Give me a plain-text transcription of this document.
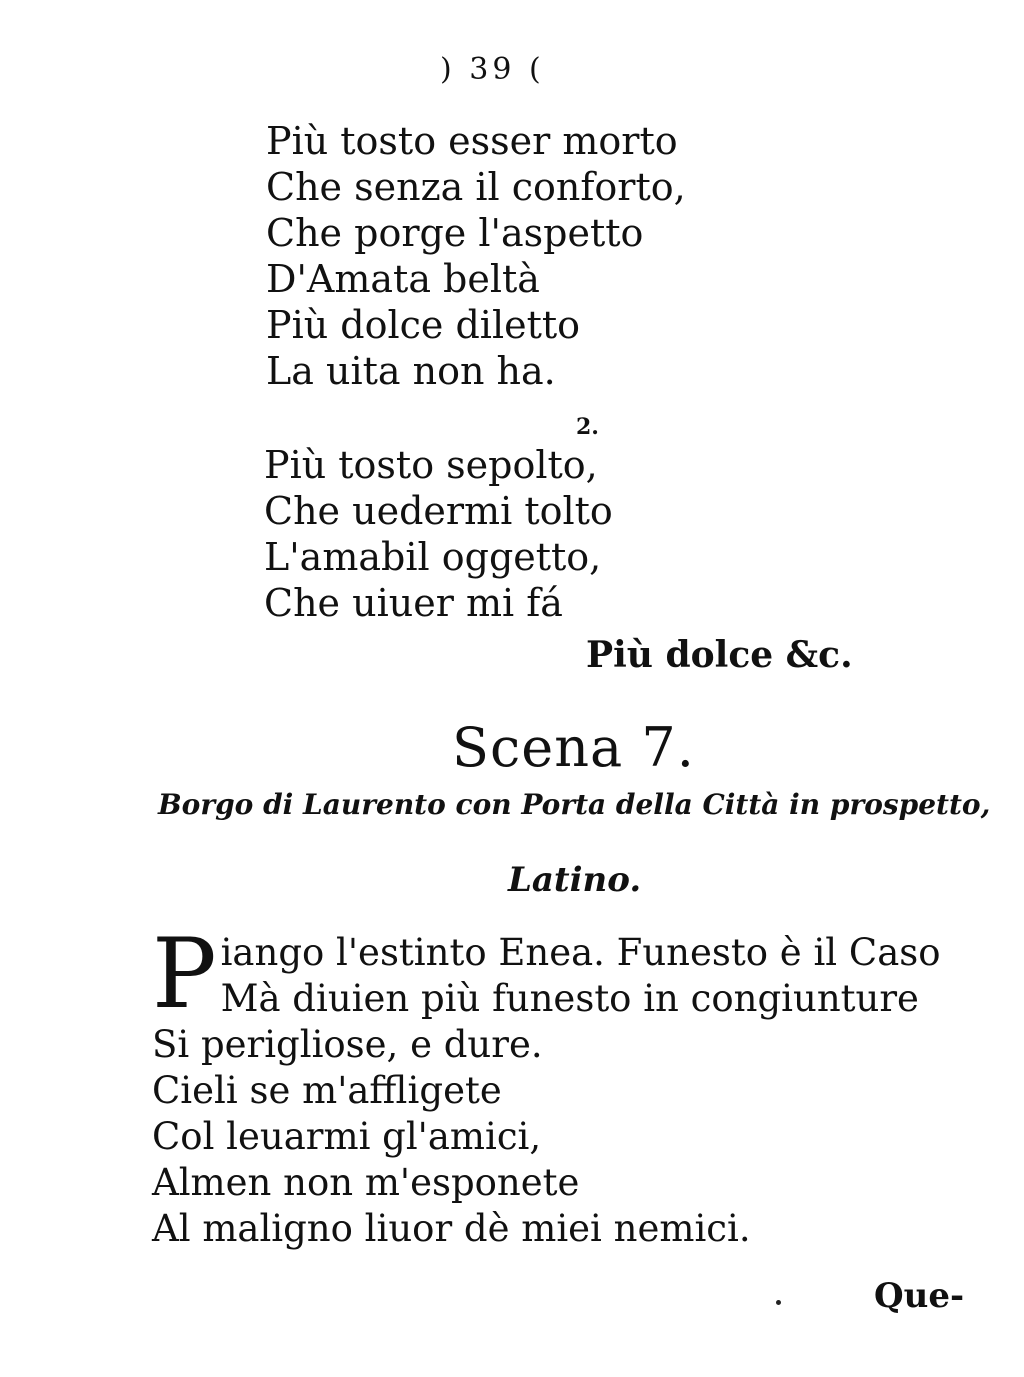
) 39 (
Più tosto esser morto
Che senza il conforto,
Che porge l'aspetto
D'Amata beltà
Più dolce diletto
La uita non ha.
2.
Più tosto sepolto,
Che uedermi tolto
L'amabil oggetto,
Che uiuer mi fá
Più dolce &c.
Scena 7.
Borgo di Laurento con Porta della Città in prospetto,
Latino.
P iango l'estinto Enea. Funesto è il Caso
Mà diuien più funesto in congiunture
Si perigliose, e dure.
Cieli se m'affligete
Col leuarmi gl'amici,
Almen non m'esponete
Al maligno liuor dè miei nemici.
Que-
